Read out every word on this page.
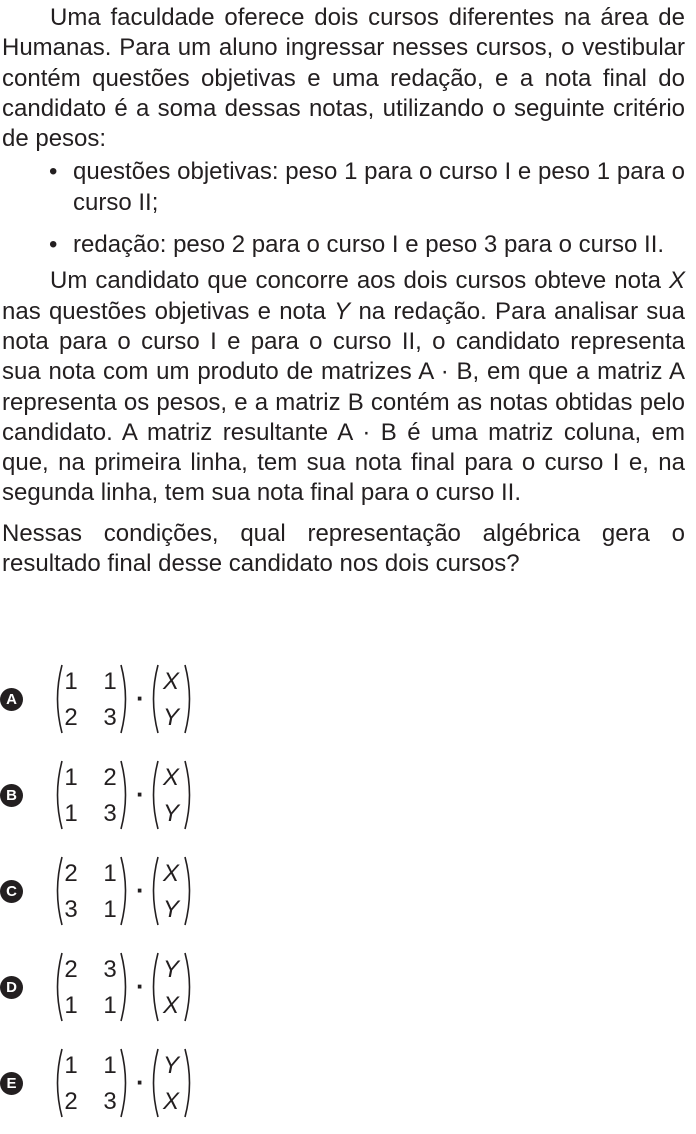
Uma faculdade oferece dois cursos diferentes na área de Humanas. Para um aluno ingressar nesses cursos, o vestibular contém questões objetivas e uma redação, e a nota final do candidato é a soma dessas notas, utilizando o seguinte critério de pesos:

• questões objetivas: peso 1 para o curso I e peso 1 para o curso II;
• redação: peso 2 para o curso I e peso 3 para o curso II.

Um candidato que concorre aos dois cursos obteve nota X nas questões objetivas e nota Y na redação. Para analisar sua nota para o curso I e para o curso II, o candidato representa sua nota com um produto de matrizes A · B, em que a matriz A representa os pesos, e a matriz B contém as notas obtidas pelo candidato. A matriz resultante A · B é uma matriz coluna, em que, na primeira linha, tem sua nota final para o curso I e, na segunda linha, tem sua nota final para o curso II.

Nessas condições, qual representação algébrica gera o resultado final desse candidato nos dois cursos?

A
1 1
2 3
·
X
Y
B
1 2
1 3
·
X
Y
C
2 1
3 1
·
X
Y
D
2 3
1 1
·
Y
X
E
1 1
2 3
·
Y
X
